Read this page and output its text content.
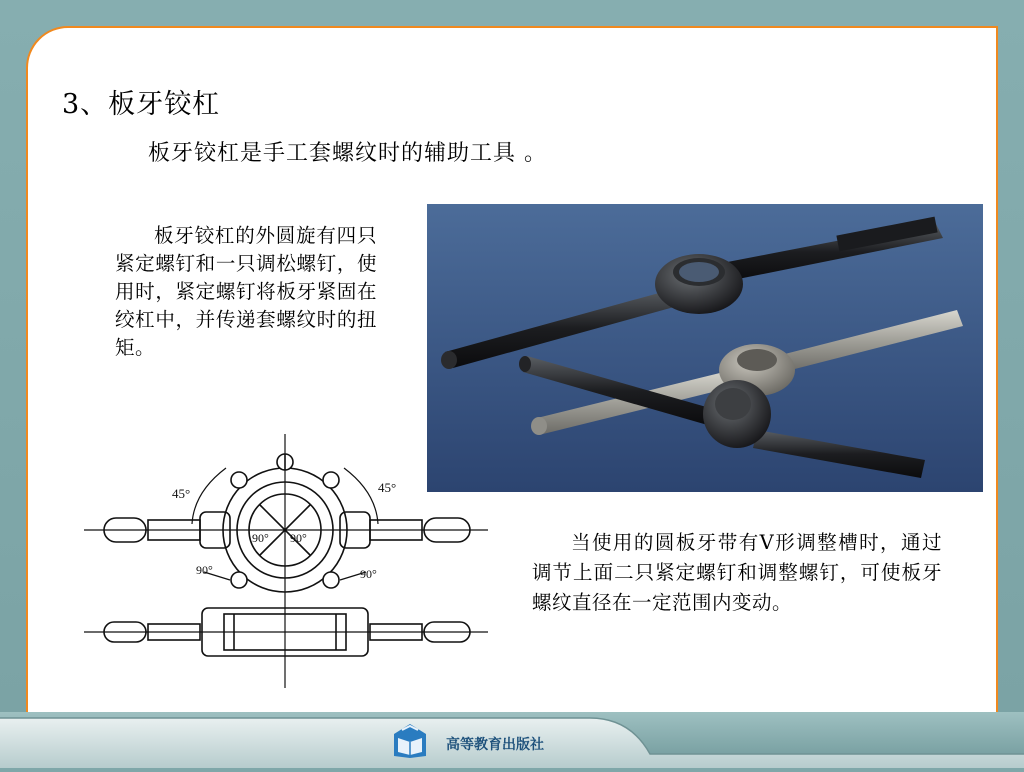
3、板牙铰杠
板牙铰杠是手工套螺纹时的辅助工具 。
板牙铰杠的外圆旋有四只紧定螺钉和一只调松螺钉，使用时，紧定螺钉将板牙紧固在绞杠中，并传递套螺纹时的扭矩。
45°	45°
90° 90°
90°	90°
当使用的圆板牙带有V形调整槽时，通过调节上面二只紧定螺钉和调整螺钉，可使板牙螺纹直径在一定范围内变动。
高等教育出版社
